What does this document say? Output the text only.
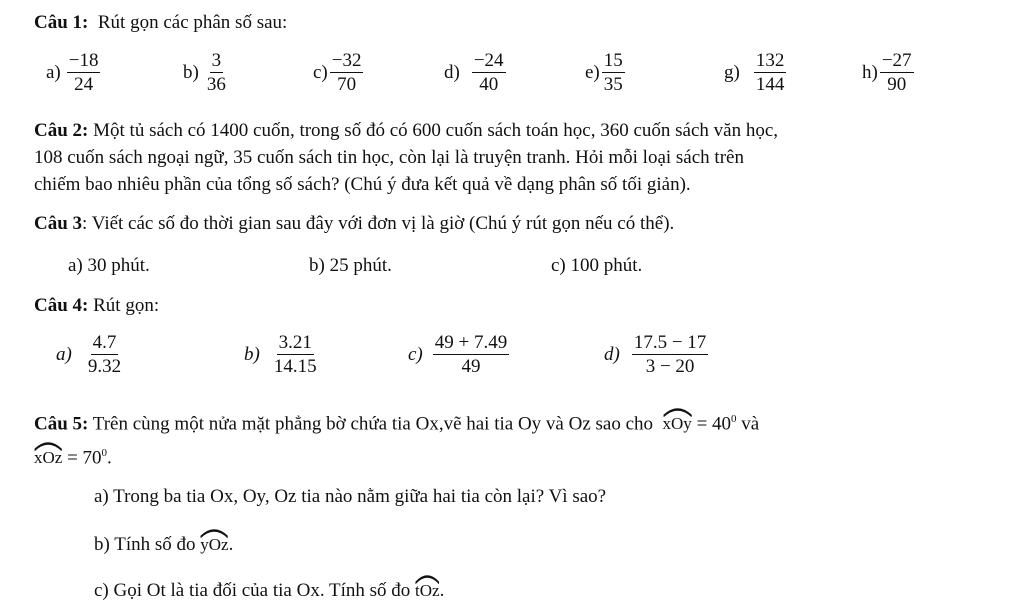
Câu 1: Rút gọn các phân số sau:
$a) \frac{-18}{24}$	$b) \frac{3}{36}$	$c) \frac{-32}{70}$	$d) \frac{-24}{40}$	$e) \frac{15}{35}$	$g) \frac{132}{144}$	$h) \frac{-27}{90}$
Câu 2: Một tủ sách có 1400 cuốn, trong số đó có 600 cuốn sách toán học, 360 cuốn sách văn học,
108 cuốn sách ngoại ngữ, 35 cuốn sách tin học, còn lại là truyện tranh. Hỏi mỗi loại sách trên
chiếm bao nhiêu phần của tổng số sách? (Chú ý đưa kết quả về dạng phân số tối giản).
Câu 3: Viết các số đo thời gian sau đây với đơn vị là giờ (Chú ý rút gọn nếu có thể).
a) 30 phút.	b) 25 phút.	c) 100 phút.
Câu 4: Rút gọn:
$a) \frac{4.7}{9.32}$	$b) \frac{3.21}{14.15}$	$c) \frac{49 + 7.49}{49}$	$d) \frac{17.5 - 17}{3 - 20}$
Câu 5: Trên cùng một nửa mặt phẳng bờ chứa tia Ox,vẽ hai tia Oy và Oz sao cho xOy = $40^0$ và
xOz = $70^0$.
a) Trong ba tia Ox, Oy, Oz tia nào nằm giữa hai tia còn lại? Vì sao?
b) Tính số đo yOz.
c) Gọi Ot là tia đối của tia Ox. Tính số đo tOz.
